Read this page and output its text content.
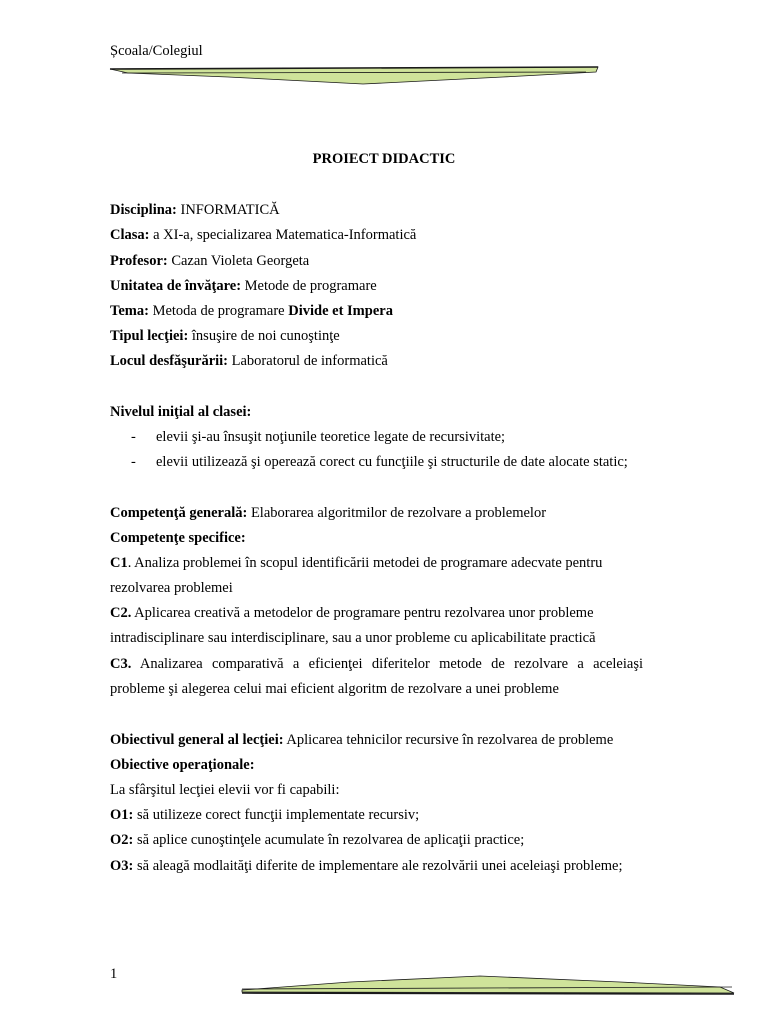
Școala/Colegiul
PROIECT DIDACTIC
Disciplina: INFORMATICĂ
Clasa: a XI-a, specializarea Matematica-Informatică
Profesor: Cazan Violeta Georgeta
Unitatea de învăţare: Metode de programare
Tema: Metoda de programare Divide et Impera
Tipul lecţiei: însuşire de noi cunoştinţe
Locul desfăşurării: Laboratorul de informatică
Nivelul iniţial al clasei:
- elevii şi-au însuşit noţiunile teoretice legate de recursivitate;
- elevii utilizează şi operează corect cu funcţiile şi structurile de date alocate static;
Competenţă generală: Elaborarea algoritmilor de rezolvare a problemelor
Competenţe specifice:
C1. Analiza problemei în scopul identificării metodei de programare adecvate pentru
rezolvarea problemei
C2. Aplicarea creativă a metodelor de programare pentru rezolvarea unor probleme
intradisciplinare sau interdisciplinare, sau a unor probleme cu aplicabilitate practică
C3. Analizarea comparativă a eficienţei diferitelor metode de rezolvare a aceleiaşi
probleme şi alegerea celui mai eficient algoritm de rezolvare a unei probleme
Obiectivul general al lecţiei: Aplicarea tehnicilor recursive în rezolvarea de probleme
Obiective operaţionale:
La sfârşitul lecţiei elevii vor fi capabili:
O1: să utilizeze corect funcţii implementate recursiv;
O2: să aplice cunoştinţele acumulate în rezolvarea de aplicaţii practice;
O3: să aleagă modlaităţi diferite de implementare ale rezolvării unei aceleiaşi probleme;
1
